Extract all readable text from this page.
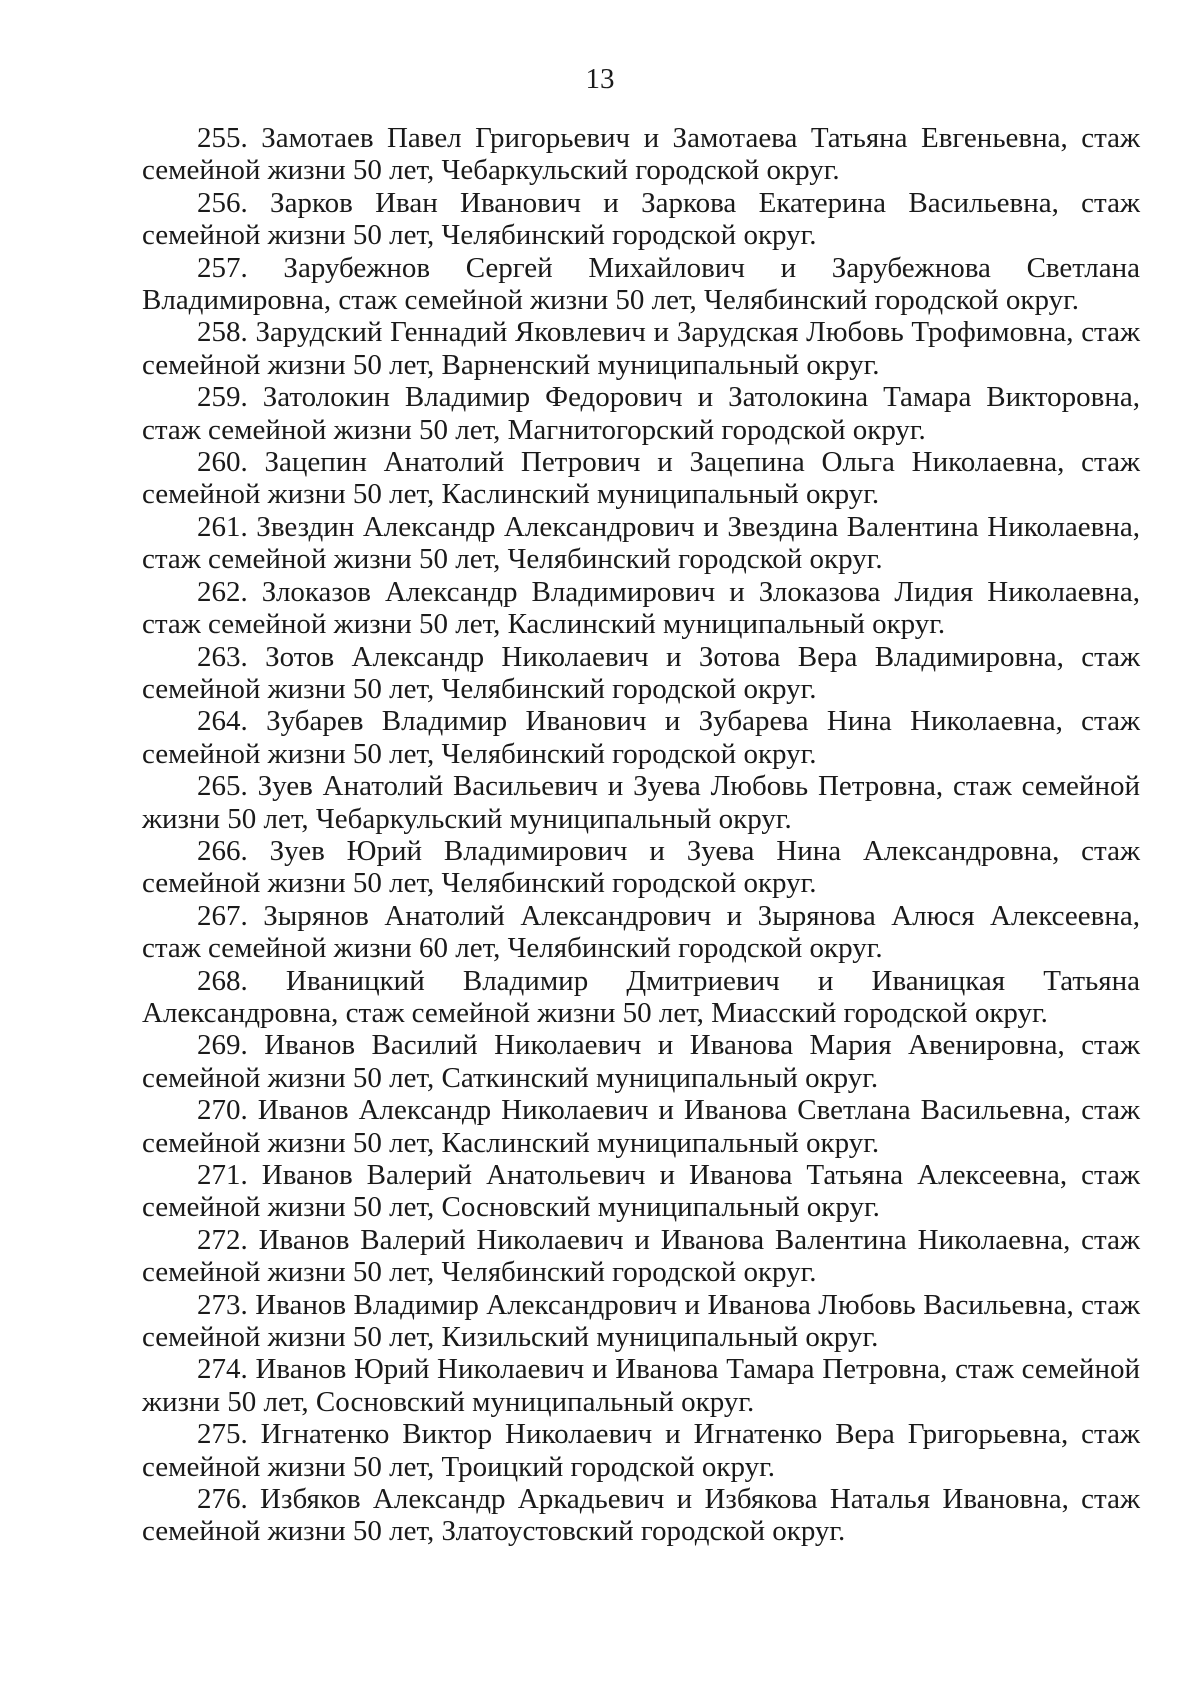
13

255. Замотаев Павел Григорьевич и Замотаева Татьяна Евгеньевна, стаж семейной жизни 50 лет, Чебаркульский городской округ.

256. Зарков Иван Иванович и Заркова Екатерина Васильевна, стаж семейной жизни 50 лет, Челябинский городской округ.

257. Зарубежнов Сергей Михайлович и Зарубежнова Светлана Владимировна, стаж семейной жизни 50 лет, Челябинский городской округ.

258. Зарудский Геннадий Яковлевич и Зарудская Любовь Трофимовна, стаж семейной жизни 50 лет, Варненский муниципальный округ.

259. Затолокин Владимир Федорович и Затолокина Тамара Викторовна, стаж семейной жизни 50 лет, Магнитогорский городской округ.

260. Зацепин Анатолий Петрович и Зацепина Ольга Николаевна, стаж семейной жизни 50 лет, Каслинский муниципальный округ.

261. Звездин Александр Александрович и Звездина Валентина Николаевна, стаж семейной жизни 50 лет, Челябинский городской округ.

262. Злоказов Александр Владимирович и Злоказова Лидия Николаевна, стаж семейной жизни 50 лет, Каслинский муниципальный округ.

263. Зотов Александр Николаевич и Зотова Вера Владимировна, стаж семейной жизни 50 лет, Челябинский городской округ.

264. Зубарев Владимир Иванович и Зубарева Нина Николаевна, стаж семейной жизни 50 лет, Челябинский городской округ.

265. Зуев Анатолий Васильевич и Зуева Любовь Петровна, стаж семейной жизни 50 лет, Чебаркульский муниципальный округ.

266. Зуев Юрий Владимирович и Зуева Нина Александровна, стаж семейной жизни 50 лет, Челябинский городской округ.

267. Зырянов Анатолий Александрович и Зырянова Алюся Алексеевна, стаж семейной жизни 60 лет, Челябинский городской округ.

268. Иваницкий Владимир Дмитриевич и Иваницкая Татьяна Александровна, стаж семейной жизни 50 лет, Миасский городской округ.

269. Иванов Василий Николаевич и Иванова Мария Авенировна, стаж семейной жизни 50 лет, Саткинский муниципальный округ.

270. Иванов Александр Николаевич и Иванова Светлана Васильевна, стаж семейной жизни 50 лет, Каслинский муниципальный округ.

271. Иванов Валерий Анатольевич и Иванова Татьяна Алексеевна, стаж семейной жизни 50 лет, Сосновский муниципальный округ.

272. Иванов Валерий Николаевич и Иванова Валентина Николаевна, стаж семейной жизни 50 лет, Челябинский городской округ.

273. Иванов Владимир Александрович и Иванова Любовь Васильевна, стаж семейной жизни 50 лет, Кизильский муниципальный округ.

274. Иванов Юрий Николаевич и Иванова Тамара Петровна, стаж семейной жизни 50 лет, Сосновский муниципальный округ.

275. Игнатенко Виктор Николаевич и Игнатенко Вера Григорьевна, стаж семейной жизни 50 лет, Троицкий городской округ.

276. Избяков Александр Аркадьевич и Избякова Наталья Ивановна, стаж семейной жизни 50 лет, Златоустовский городской округ.
